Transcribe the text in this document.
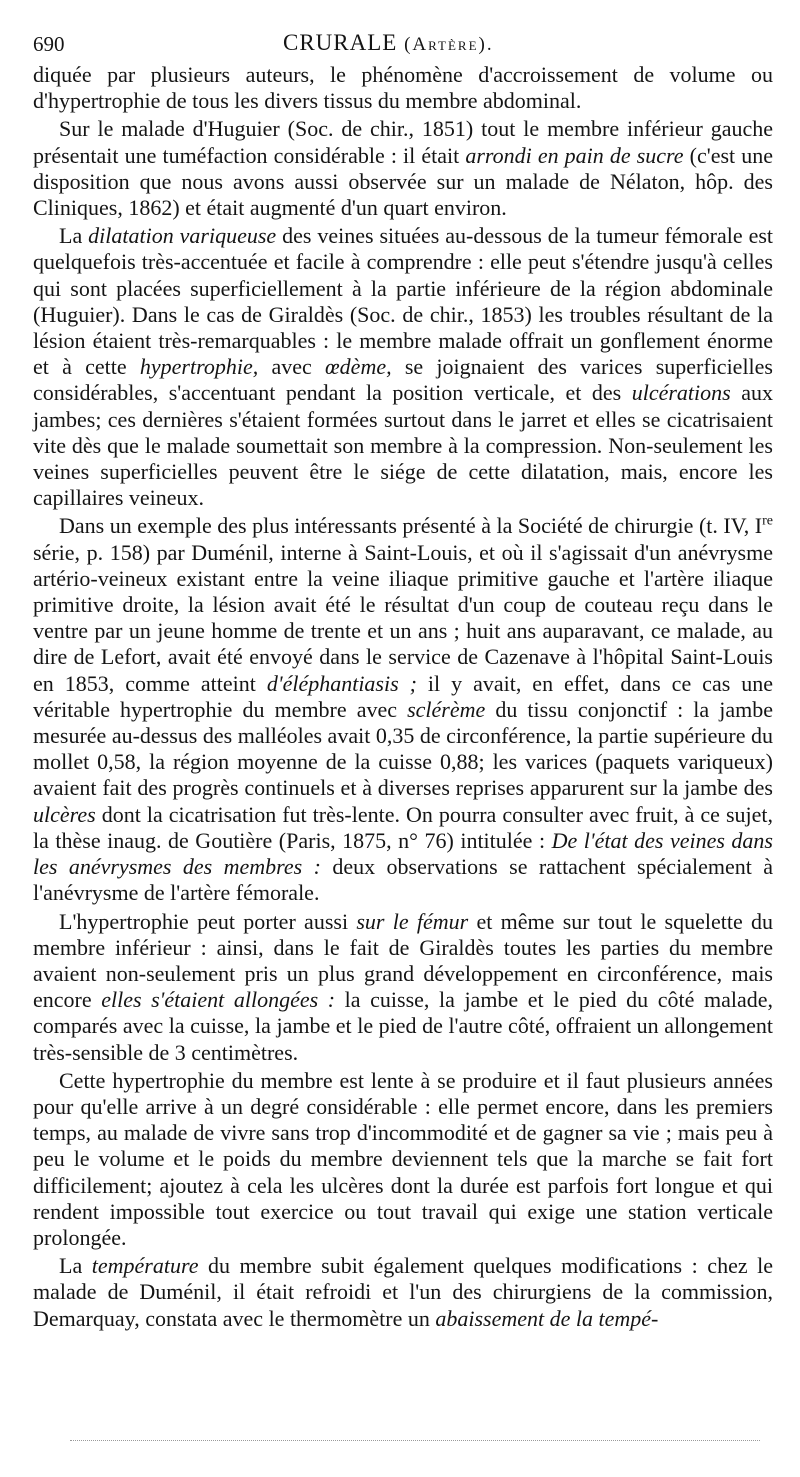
690	CRURALE (Artère).

diquée par plusieurs auteurs, le phénomène d'accroissement de volume ou d'hypertrophie de tous les divers tissus du membre abdominal.

Sur le malade d'Huguier (Soc. de chir., 1851) tout le membre inférieur gauche présentait une tuméfaction considérable : il était arrondi en pain de sucre (c'est une disposition que nous avons aussi observée sur un malade de Nélaton, hôp. des Cliniques, 1862) et était augmenté d'un quart environ.

La dilatation variqueuse des veines situées au-dessous de la tumeur fémorale est quelquefois très-accentuée et facile à comprendre : elle peut s'étendre jusqu'à celles qui sont placées superficiellement à la partie inférieure de la région abdominale (Huguier). Dans le cas de Giraldès (Soc. de chir., 1853) les troubles résultant de la lésion étaient très-remarquables : le membre malade offrait un gonflement énorme et à cette hypertrophie, avec œdème, se joignaient des varices superficielles considérables, s'accentuant pendant la position verticale, et des ulcérations aux jambes; ces dernières s'étaient formées surtout dans le jarret et elles se cicatrisaient vite dès que le malade soumettait son membre à la compression. Non-seulement les veines superficielles peuvent être le siége de cette dilatation, mais, encore les capillaires veineux.

Dans un exemple des plus intéressants présenté à la Société de chirurgie (t. IV, Ire série, p. 158) par Duménil, interne à Saint-Louis, et où il s'agissait d'un anévrysme artério-veineux existant entre la veine iliaque primitive gauche et l'artère iliaque primitive droite, la lésion avait été le résultat d'un coup de couteau reçu dans le ventre par un jeune homme de trente et un ans ; huit ans auparavant, ce malade, au dire de Lefort, avait été envoyé dans le service de Cazenave à l'hôpital Saint-Louis en 1853, comme atteint d'éléphantiasis ; il y avait, en effet, dans ce cas une véritable hypertrophie du membre avec sclérème du tissu conjonctif : la jambe mesurée au-dessus des malléoles avait 0,35 de circonférence, la partie supérieure du mollet 0,58, la région moyenne de la cuisse 0,88; les varices (paquets variqueux) avaient fait des progrès continuels et à diverses reprises apparurent sur la jambe des ulcères dont la cicatrisation fut très-lente. On pourra consulter avec fruit, à ce sujet, la thèse inaug. de Goutière (Paris, 1875, n° 76) intitulée : De l'état des veines dans les anévrysmes des membres : deux observations se rattachent spécialement à l'anévrysme de l'artère fémorale.

L'hypertrophie peut porter aussi sur le fémur et même sur tout le squelette du membre inférieur : ainsi, dans le fait de Giraldès toutes les parties du membre avaient non-seulement pris un plus grand développement en circonférence, mais encore elles s'étaient allongées : la cuisse, la jambe et le pied du côté malade, comparés avec la cuisse, la jambe et le pied de l'autre côté, offraient un allongement très-sensible de 3 centimètres.

Cette hypertrophie du membre est lente à se produire et il faut plusieurs années pour qu'elle arrive à un degré considérable : elle permet encore, dans les premiers temps, au malade de vivre sans trop d'incommodité et de gagner sa vie ; mais peu à peu le volume et le poids du membre deviennent tels que la marche se fait fort difficilement; ajoutez à cela les ulcères dont la durée est parfois fort longue et qui rendent impossible tout exercice ou tout travail qui exige une station verticale prolongée.

La température du membre subit également quelques modifications : chez le malade de Duménil, il était refroidi et l'un des chirurgiens de la commission, Demarquay, constata avec le thermomètre un abaissement de la tempé-
